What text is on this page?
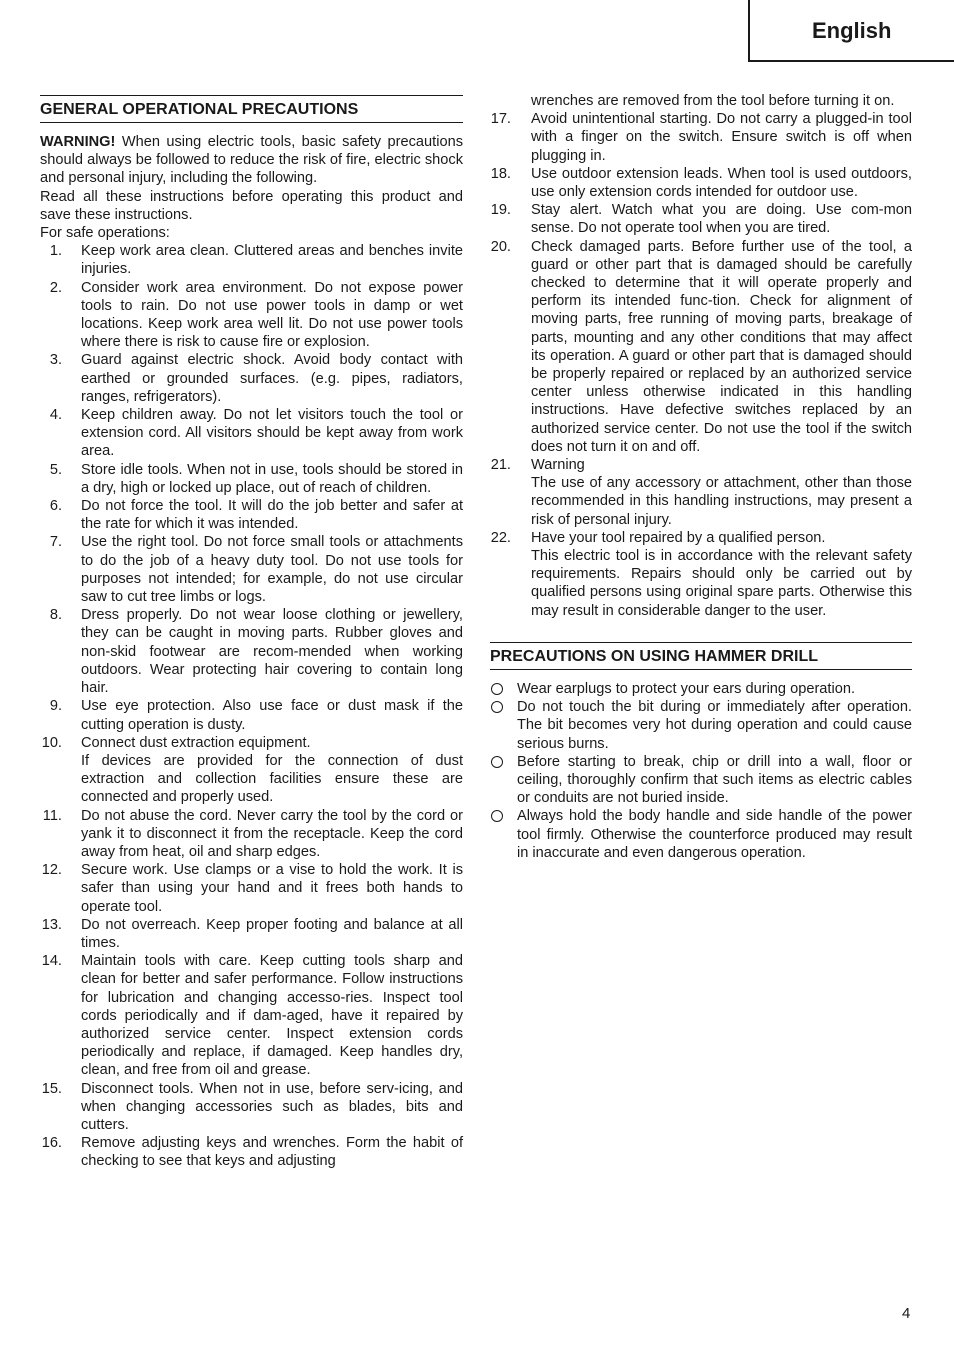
English
GENERAL OPERATIONAL PRECAUTIONS

WARNING! When using electric tools, basic safety precautions should always be followed to reduce the risk of fire, electric shock and personal injury, including the following.

Read all these instructions before operating this product and save these instructions.

For safe operations:

1. Keep work area clean. Cluttered areas and benches invite injuries.
2. Consider work area environment. Do not expose power tools to rain. Do not use power tools in damp or wet locations. Keep work area well lit. Do not use power tools where there is risk to cause fire or explosion.
3. Guard against electric shock. Avoid body contact with earthed or grounded surfaces. (e.g. pipes, radiators, ranges, refrigerators).
4. Keep children away. Do not let visitors touch the tool or extension cord. All visitors should be kept away from work area.
5. Store idle tools. When not in use, tools should be stored in a dry, high or locked up place, out of reach of children.
6. Do not force the tool. It will do the job better and safer at the rate for which it was intended.
7. Use the right tool. Do not force small tools or attachments to do the job of a heavy duty tool. Do not use tools for purposes not intended; for example, do not use circular saw to cut tree limbs or logs.
8. Dress properly. Do not wear loose clothing or jewellery, they can be caught in moving parts. Rubber gloves and non-skid footwear are recom-mended when working outdoors. Wear protecting hair covering to contain long hair.
9. Use eye protection. Also use face or dust mask if the cutting operation is dusty.
10. Connect dust extraction equipment.
If devices are provided for the connection of dust extraction and collection facilities ensure these are connected and properly used.
11. Do not abuse the cord. Never carry the tool by the cord or yank it to disconnect it from the receptacle. Keep the cord away from heat, oil and sharp edges.
12. Secure work. Use clamps or a vise to hold the work. It is safer than using your hand and it frees both hands to operate tool.
13. Do not overreach. Keep proper footing and balance at all times.
14. Maintain tools with care. Keep cutting tools sharp and clean for better and safer performance. Follow instructions for lubrication and changing accesso-ries. Inspect tool cords periodically and if dam-aged, have it repaired by authorized service center. Inspect extension cords periodically and replace, if damaged. Keep handles dry, clean, and free from oil and grease.
15. Disconnect tools. When not in use, before serv-icing, and when changing accessories such as blades, bits and cutters.
16. Remove adjusting keys and wrenches. Form the habit of checking to see that keys and adjusting
wrenches are removed from the tool before turning it on.
17. Avoid unintentional starting. Do not carry a plugged-in tool with a finger on the switch. Ensure switch is off when plugging in.
18. Use outdoor extension leads. When tool is used outdoors, use only extension cords intended for outdoor use.
19. Stay alert. Watch what you are doing. Use com-mon sense. Do not operate tool when you are tired.
20. Check damaged parts. Before further use of the tool, a guard or other part that is damaged should be carefully checked to determine that it will operate properly and perform its intended func-tion. Check for alignment of moving parts, free running of moving parts, breakage of parts, mounting and any other conditions that may affect its operation. A guard or other part that is damaged should be properly repaired or replaced by an authorized service center unless otherwise indicated in this handling instructions. Have defective switches replaced by an authorized service center. Do not use the tool if the switch does not turn it on and off.
21. Warning
The use of any accessory or attachment, other than those recommended in this handling instructions, may present a risk of personal injury.
22. Have your tool repaired by a qualified person.
This electric tool is in accordance with the relevant safety requirements. Repairs should only be carried out by qualified persons using original spare parts. Otherwise this may result in considerable danger to the user.
PRECAUTIONS ON USING HAMMER DRILL
Wear earplugs to protect your ears during operation.
Do not touch the bit during or immediately after operation. The bit becomes very hot during operation and could cause serious burns.
Before starting to break, chip or drill into a wall, floor or ceiling, thoroughly confirm that such items as electric cables or conduits are not buried inside.
Always hold the body handle and side handle of the power tool firmly. Otherwise the counterforce produced may result in inaccurate and even dangerous operation.
4
